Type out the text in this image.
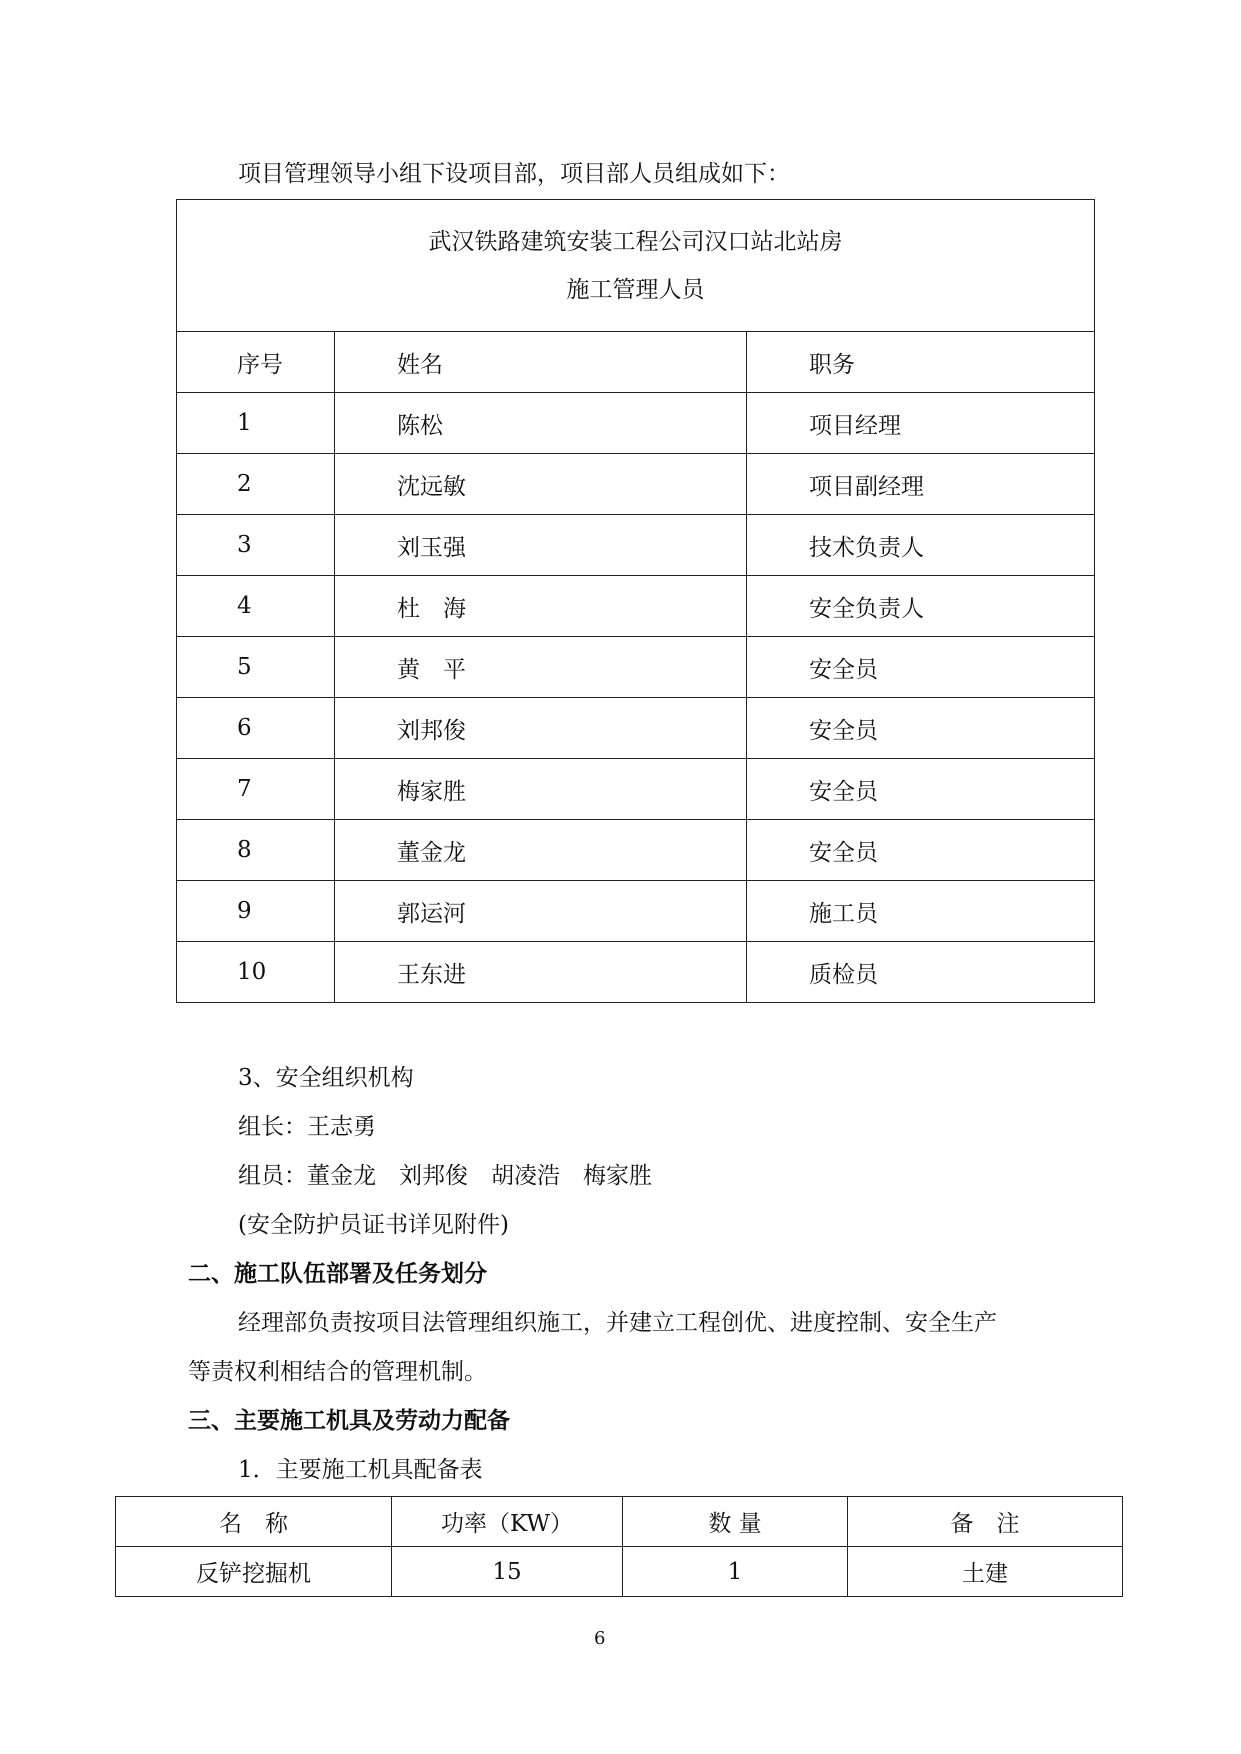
项目管理领导小组下设项目部，项目部人员组成如下：
武汉铁路建筑安装工程公司汉口站北站房
施工管理人员		

序号	姓名	职务
1	陈松	项目经理
2	沈远敏	项目副经理
3	刘玉强	技术负责人
4	杜　海	安全负责人
5	黄　平	安全员
6	刘邦俊	安全员
7	梅家胜	安全员
8	董金龙	安全员
9	郭运河	施工员
10	王东进	质检员
3、安全组织机构
组长：王志勇
组员：董金龙　刘邦俊　胡凌浩　梅家胜
(安全防护员证书详见附件)
二、施工队伍部署及任务划分
经理部负责按项目法管理组织施工，并建立工程创优、进度控制、安全生产
等责权利相结合的管理机制。
三、主要施工机具及劳动力配备
1．主要施工机具配备表
名　称	功率（KW）	数 量	备　注
反铲挖掘机	15	1	土建
6
